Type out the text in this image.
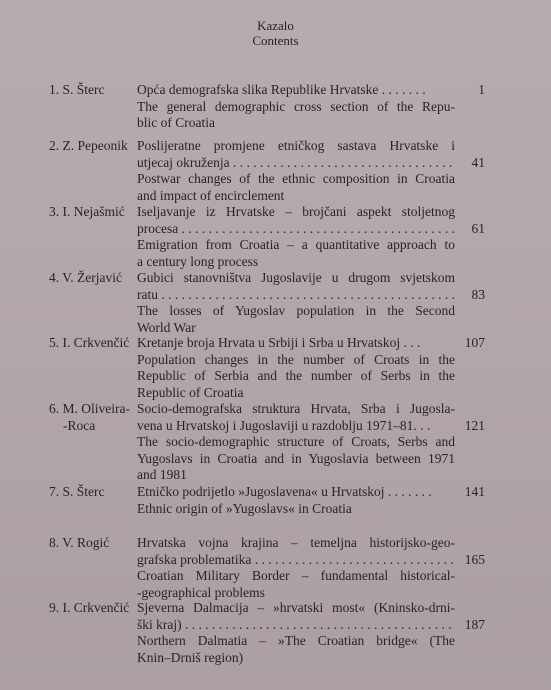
Kazalo
Contents
1. S. Šterc Opća demografska slika Republike Hrvatske . . . . . . .
The general demographic cross section of the Repu-
blic of Croatia
1
2. Z. Pepeonik Poslijeratne promjene etničkog sastava Hrvatske i
utjecaj okruženja . . .
Postwar changes of the ethnic composition in Croatia
and impact of encirclement
41
3. I. Nejašmić Iseljavanje iz Hrvatske – brojčani aspekt stoljetnog
procesa . . .
Emigration from Croatia – a quantitative approach to
a century long process
61
4. V. Žerjavić Gubici stanovništva Jugoslavije u drugom svjetskom
ratu . . .
The losses of Yugoslav population in the Second
World War
83
5. I. Crkvenčić Kretanje broja Hrvata u Srbiji i Srba u Hrvatskoj . . .
Population changes in the number of Croats in the
Republic of Serbia and the number of Serbs in the
Republic of Croatia
107
6. M. Oliveira-
-Roca
Socio-demografska struktura Hrvata, Srba i Jugosla-
vena u Hrvatskoj i Jugoslaviji u razdoblju 1971–81. . .
The socio-demographic structure of Croats, Serbs and
Yugoslavs in Croatia and in Yugoslavia between 1971
and 1981
121
7. S. Šterc Etničko podrijetlo »Jugoslavena« u Hrvatskoj . . . . . . .
Ethnic origin of »Yugoslavs« in Croatia
141
8. V. Rogić Hrvatska vojna krajina – temeljna historijsko-geo-
grafska problematika . . .
Croatian Military Border – fundamental historical-
-geographical problems
165
9. I. Crkvenčić Sjeverna Dalmacija – »hrvatski most« (Kninsko-drni-
ški kraj) . . .
Northern Dalmatia – »The Croatian bridge« (The
Knin–Drniš region)
187
